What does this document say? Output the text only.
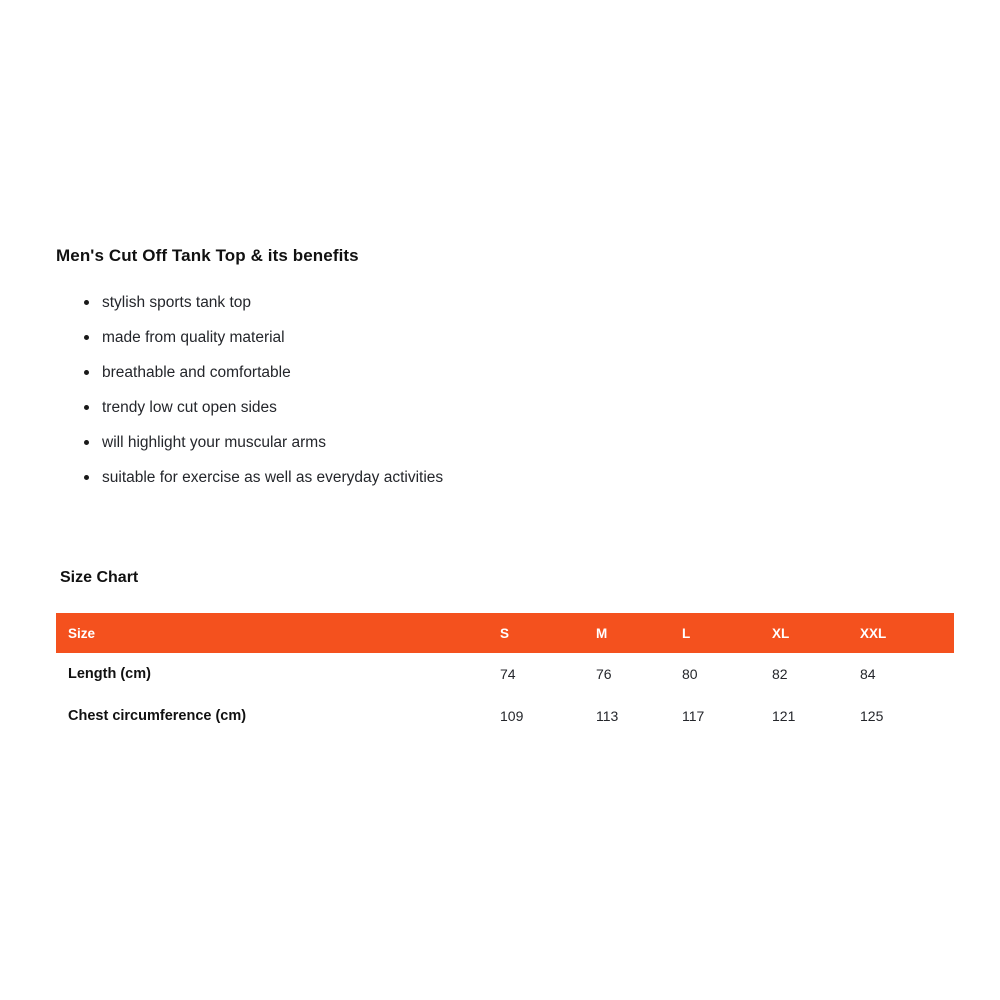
Men's Cut Off Tank Top & its benefits
stylish sports tank top
made from quality material
breathable and comfortable
trendy low cut open sides
will highlight your muscular arms
suitable for exercise as well as everyday activities
Size Chart
Size	S	M	L	XL	XXL
Length (cm)	74	76	80	82	84
Chest circumference (cm)	109	113	117	121	125
